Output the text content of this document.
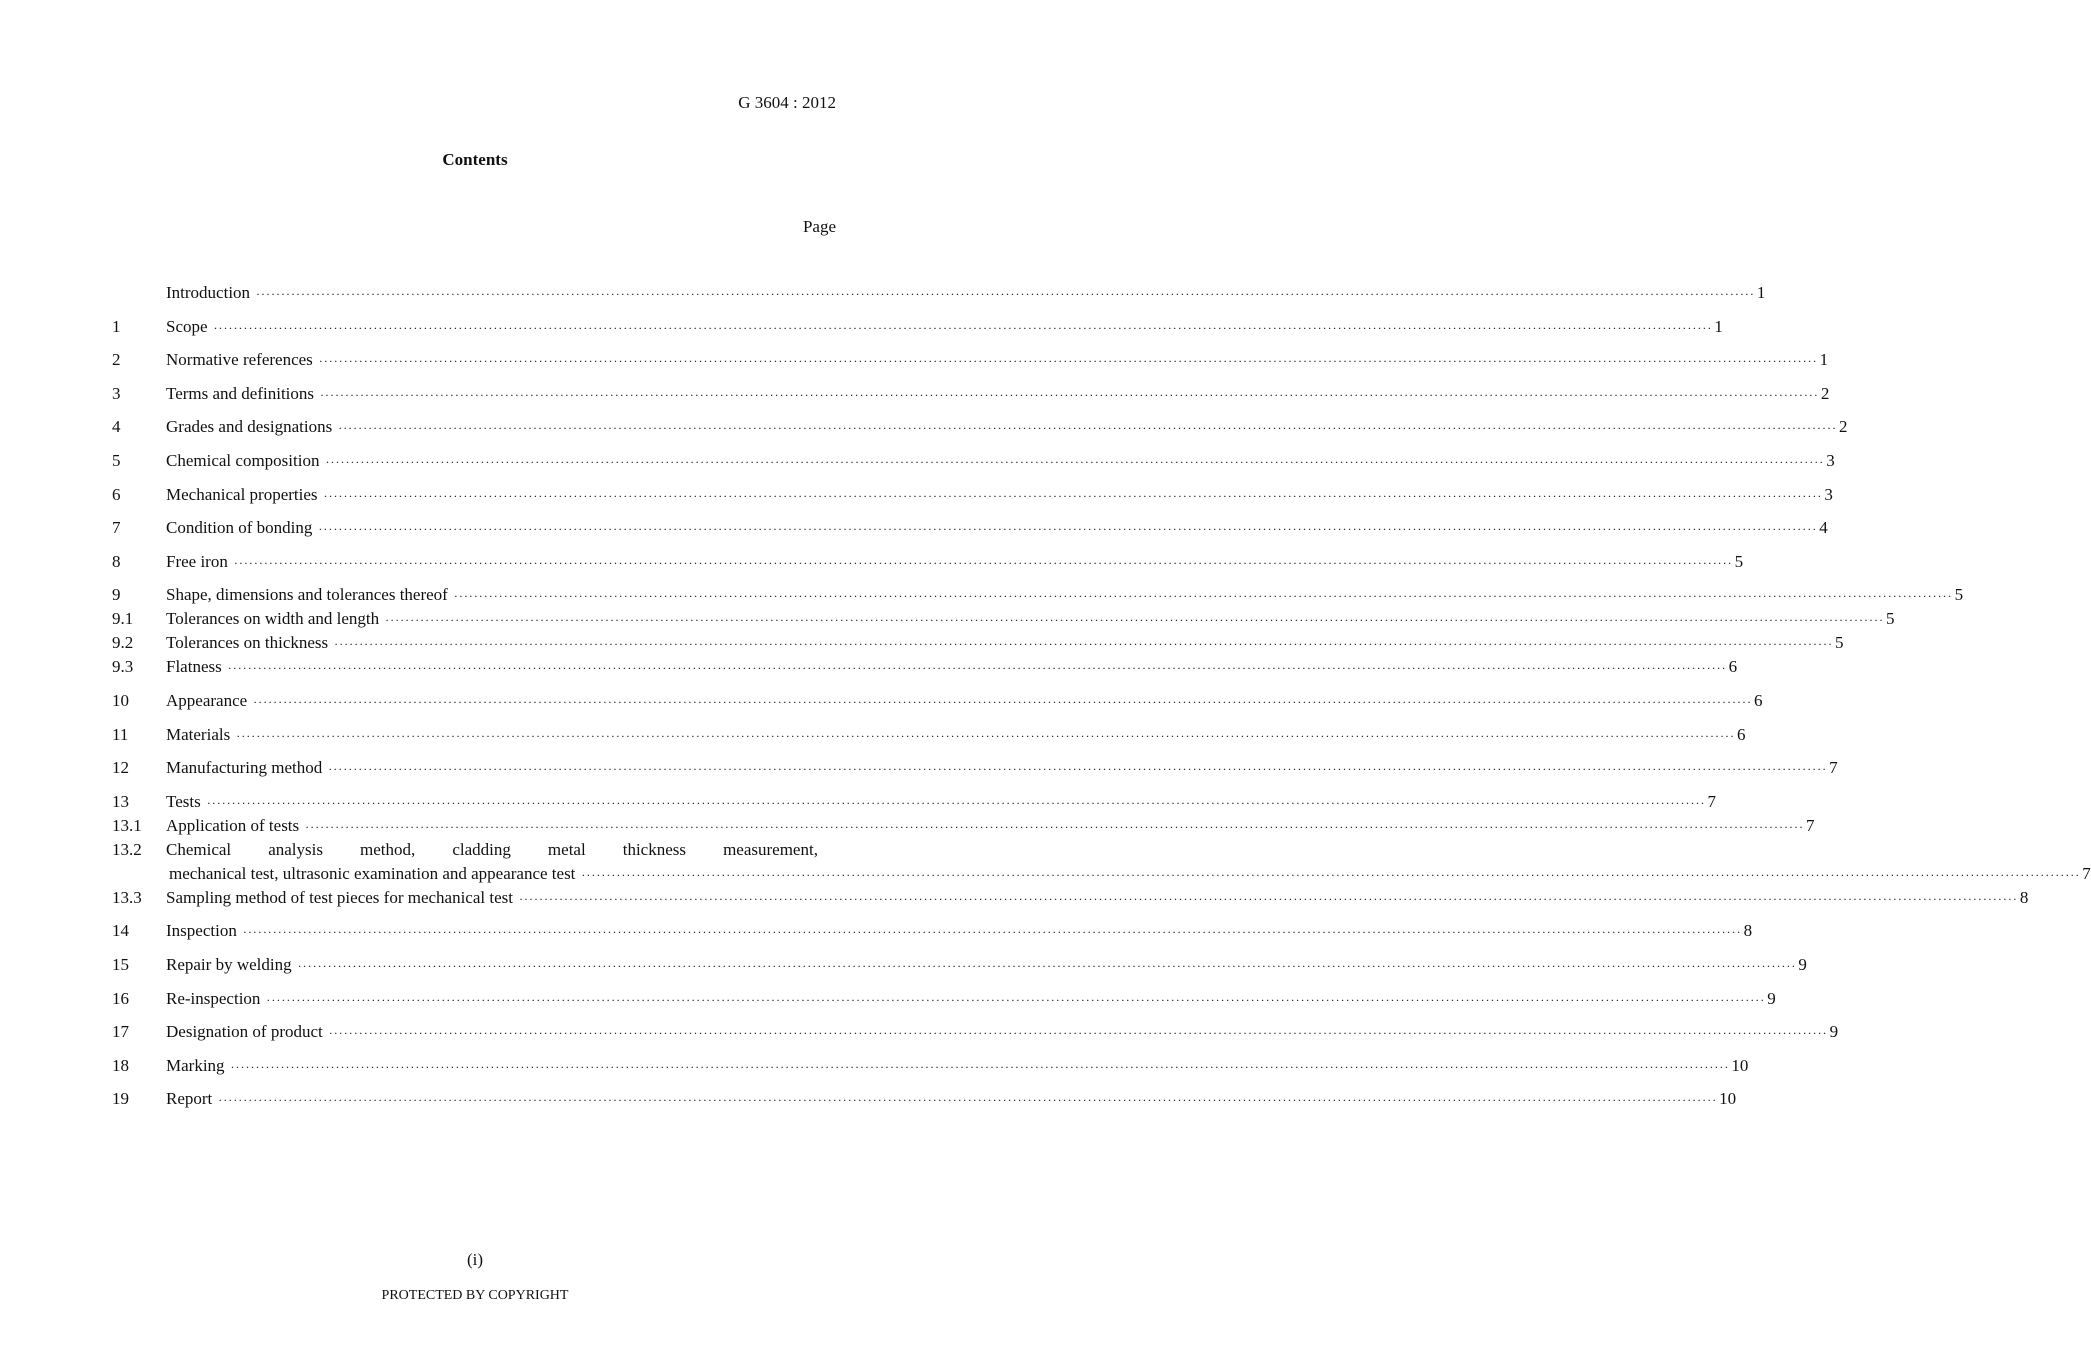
G 3604 : 2012
Contents
Page
Introduction ············································································································································································································································································································ 1
1	Scope ············································································································································································································································································································ 1
2	Normative references ············································································································································································································································································································ 1
3	Terms and definitions ············································································································································································································································································································ 2
4	Grades and designations ············································································································································································································································································································ 2
5	Chemical composition ············································································································································································································································································································ 3
6	Mechanical properties ············································································································································································································································································································ 3
7	Condition of bonding ············································································································································································································································································································ 4
8	Free iron ············································································································································································································································································································ 5
9	Shape, dimensions and tolerances thereof ············································································································································································································································································································ 5
9.1	Tolerances on width and length ············································································································································································································································································································ 5
9.2	Tolerances on thickness ············································································································································································································································································································ 5
9.3	Flatness ············································································································································································································································································································ 6
10	Appearance ············································································································································································································································································································ 6
11	Materials ············································································································································································································································································································ 6
12	Manufacturing method ············································································································································································································································································································ 7
13	Tests ············································································································································································································································································································ 7
13.1	Application of tests ············································································································································································································································································································ 7
13.2	Chemical analysis method, cladding metal thickness measurement,
mechanical test, ultrasonic examination and appearance test ············································································································································································································································································································ 7
13.3	Sampling method of test pieces for mechanical test ············································································································································································································································································································ 8
14	Inspection ············································································································································································································································································································ 8
15	Repair by welding ············································································································································································································································································································ 9
16	Re-inspection ············································································································································································································································································································ 9
17	Designation of product ············································································································································································································································································································ 9
18	Marking ············································································································································································································································································································ 10
19	Report ············································································································································································································································································································ 10
(i)
PROTECTED BY COPYRIGHT
